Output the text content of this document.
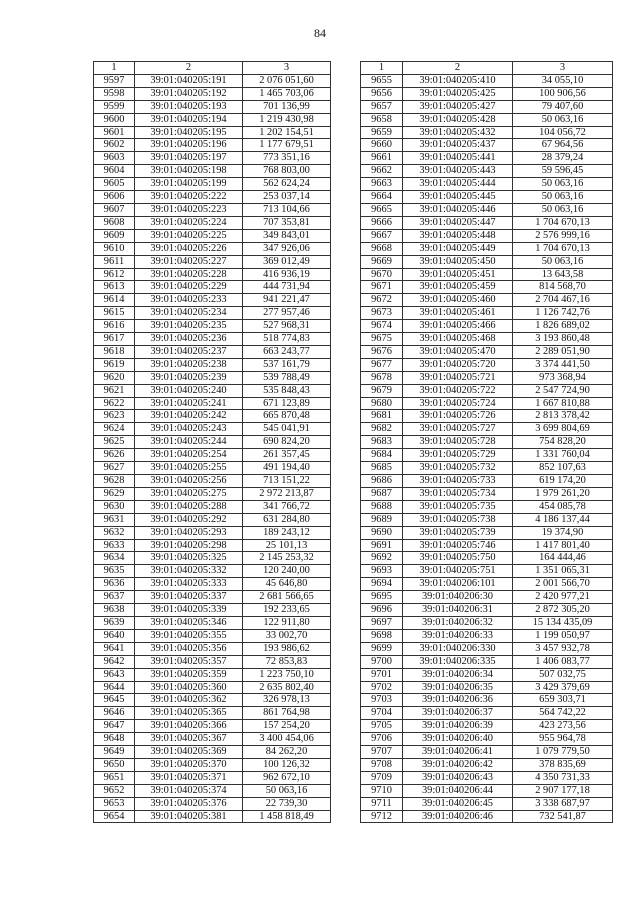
84
1	2	3
9597	39:01:040205:191	2 076 051,60
9598	39:01:040205:192	1 465 703,06
9599	39:01:040205:193	701 136,99
9600	39:01:040205:194	1 219 430,98
9601	39:01:040205:195	1 202 154,51
9602	39:01:040205:196	1 177 679,51
9603	39:01:040205:197	773 351,16
9604	39:01:040205:198	768 803,00
9605	39:01:040205:199	562 624,24
9606	39:01:040205:222	253 037,14
9607	39:01:040205:223	713 104,66
9608	39:01:040205:224	707 353,81
9609	39:01:040205:225	349 843,01
9610	39:01:040205:226	347 926,06
9611	39:01:040205:227	369 012,49
9612	39:01:040205:228	416 936,19
9613	39:01:040205:229	444 731,94
9614	39:01:040205:233	941 221,47
9615	39:01:040205:234	277 957,46
9616	39:01:040205:235	527 968,31
9617	39:01:040205:236	518 774,83
9618	39:01:040205:237	663 243,77
9619	39:01:040205:238	537 161,79
9620	39:01:040205:239	539 788,49
9621	39:01:040205:240	535 848,43
9622	39:01:040205:241	671 123,89
9623	39:01:040205:242	665 870,48
9624	39:01:040205:243	545 041,91
9625	39:01:040205:244	690 824,20
9626	39:01:040205:254	261 357,45
9627	39:01:040205:255	491 194,40
9628	39:01:040205:256	713 151,22
9629	39:01:040205:275	2 972 213,87
9630	39:01:040205:288	341 766,72
9631	39:01:040205:292	631 284,80
9632	39:01:040205:293	189 243,12
9633	39:01:040205:298	25 101,13
9634	39:01:040205:325	2 145 253,32
9635	39:01:040205:332	120 240,00
9636	39:01:040205:333	45 646,80
9637	39:01:040205:337	2 681 566,65
9638	39:01:040205:339	192 233,65
9639	39:01:040205:346	122 911,80
9640	39:01:040205:355	33 002,70
9641	39:01:040205:356	193 986,62
9642	39:01:040205:357	72 853,83
9643	39:01:040205:359	1 223 750,10
9644	39:01:040205:360	2 635 802,40
9645	39:01:040205:362	326 978,13
9646	39:01:040205:365	861 764,98
9647	39:01:040205:366	157 254,20
9648	39:01:040205:367	3 400 454,06
9649	39:01:040205:369	84 262,20
9650	39:01:040205:370	100 126,32
9651	39:01:040205:371	962 672,10
9652	39:01:040205:374	50 063,16
9653	39:01:040205:376	22 739,30
9654	39:01:040205:381	1 458 818,49
1	2	3
9655	39:01:040205:410	34 055,10
9656	39:01:040205:425	100 906,56
9657	39:01:040205:427	79 407,60
9658	39:01:040205:428	50 063,16
9659	39:01:040205:432	104 056,72
9660	39:01:040205:437	67 964,56
9661	39:01:040205:441	28 379,24
9662	39:01:040205:443	59 596,45
9663	39:01:040205:444	50 063,16
9664	39:01:040205:445	50 063,16
9665	39:01:040205:446	50 063,16
9666	39:01:040205:447	1 704 670,13
9667	39:01:040205:448	2 576 999,16
9668	39:01:040205:449	1 704 670,13
9669	39:01:040205:450	50 063,16
9670	39:01:040205:451	13 643,58
9671	39:01:040205:459	814 568,70
9672	39:01:040205:460	2 704 467,16
9673	39:01:040205:461	1 126 742,76
9674	39:01:040205:466	1 826 689,02
9675	39:01:040205:468	3 193 860,48
9676	39:01:040205:470	2 289 051,90
9677	39:01:040205:720	3 374 441,50
9678	39:01:040205:721	973 368,94
9679	39:01:040205:722	2 547 724,90
9680	39:01:040205:724	1 667 810,88
9681	39:01:040205:726	2 813 378,42
9682	39:01:040205:727	3 699 804,69
9683	39:01:040205:728	754 828,20
9684	39:01:040205:729	1 331 760,04
9685	39:01:040205:732	852 107,63
9686	39:01:040205:733	619 174,20
9687	39:01:040205:734	1 979 261,20
9688	39:01:040205:735	454 085,78
9689	39:01:040205:738	4 186 137,44
9690	39:01:040205:739	19 374,90
9691	39:01:040205:746	1 417 801,40
9692	39:01:040205:750	164 444,46
9693	39:01:040205:751	1 351 065,31
9694	39:01:040206:101	2 001 566,70
9695	39:01:040206:30	2 420 977,21
9696	39:01:040206:31	2 872 305,20
9697	39:01:040206:32	15 134 435,09
9698	39:01:040206:33	1 199 050,97
9699	39:01:040206:330	3 457 932,78
9700	39:01:040206:335	1 406 083,77
9701	39:01:040206:34	507 032,75
9702	39:01:040206:35	3 429 379,69
9703	39:01:040206:36	659 303,71
9704	39:01:040206:37	564 742,22
9705	39:01:040206:39	423 273,56
9706	39:01:040206:40	955 964,78
9707	39:01:040206:41	1 079 779,50
9708	39:01:040206:42	378 835,69
9709	39:01:040206:43	4 350 731,33
9710	39:01:040206:44	2 907 177,18
9711	39:01:040206:45	3 338 687,97
9712	39:01:040206:46	732 541,87
